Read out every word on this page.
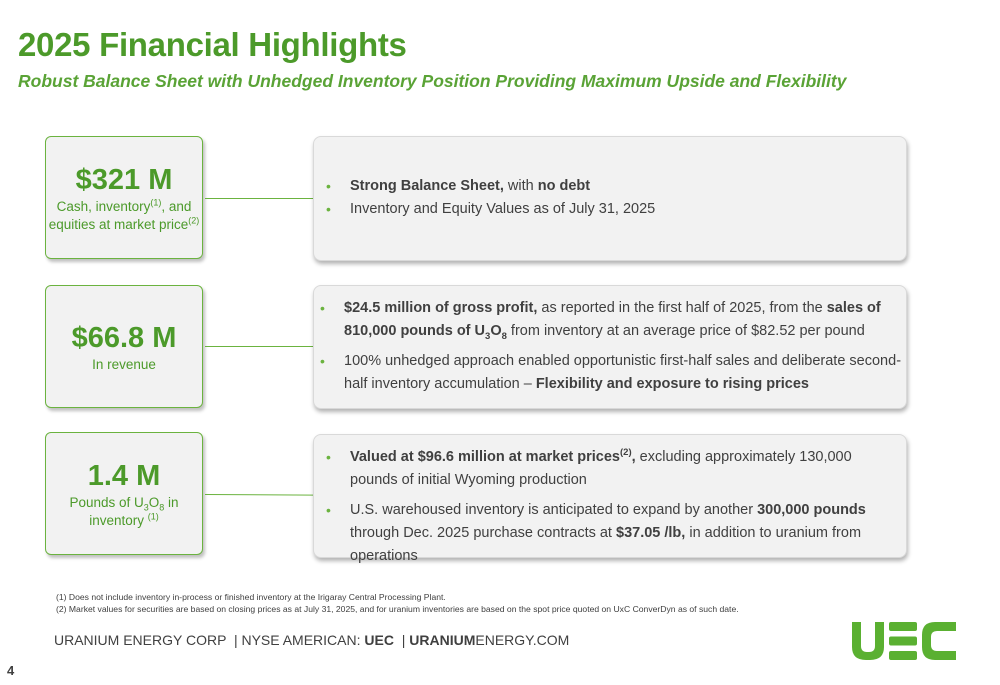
2025 Financial Highlights
Robust Balance Sheet with Unhedged Inventory Position Providing Maximum Upside and Flexibility
$321 M
Cash, inventory$^{(1)}$, and
equities at market price$^{(2)}$
$66.8 M
In revenue
1.4 M
Pounds of $U_3O_8$ in
inventory $^{(1)}$
• Strong Balance Sheet, with no debt
• Inventory and Equity Values as of July 31, 2025
• $24.5 million of gross profit, as reported in the first half of 2025, from the sales of 810,000 pounds of $U_3O_8$ from inventory at an average price of $82.52 per pound
• 100% unhedged approach enabled opportunistic first-half sales and deliberate second-half inventory accumulation – Flexibility and exposure to rising prices
• Valued at $96.6 million at market prices$^{(2)}$, excluding approximately 130,000 pounds of initial Wyoming production
• U.S. warehoused inventory is anticipated to expand by another 300,000 pounds through Dec. 2025 purchase contracts at $37.05 /lb, in addition to uranium from operations
(1) Does not include inventory in-process or finished inventory at the Irigaray Central Processing Plant.
(2) Market values for securities are based on closing prices as at July 31, 2025, and for uranium inventories are based on the spot price quoted on UxC ConverDyn as of such date.
URANIUM ENERGY CORP  | NYSE AMERICAN: UEC  | URANIUMENERGY.COM
4
